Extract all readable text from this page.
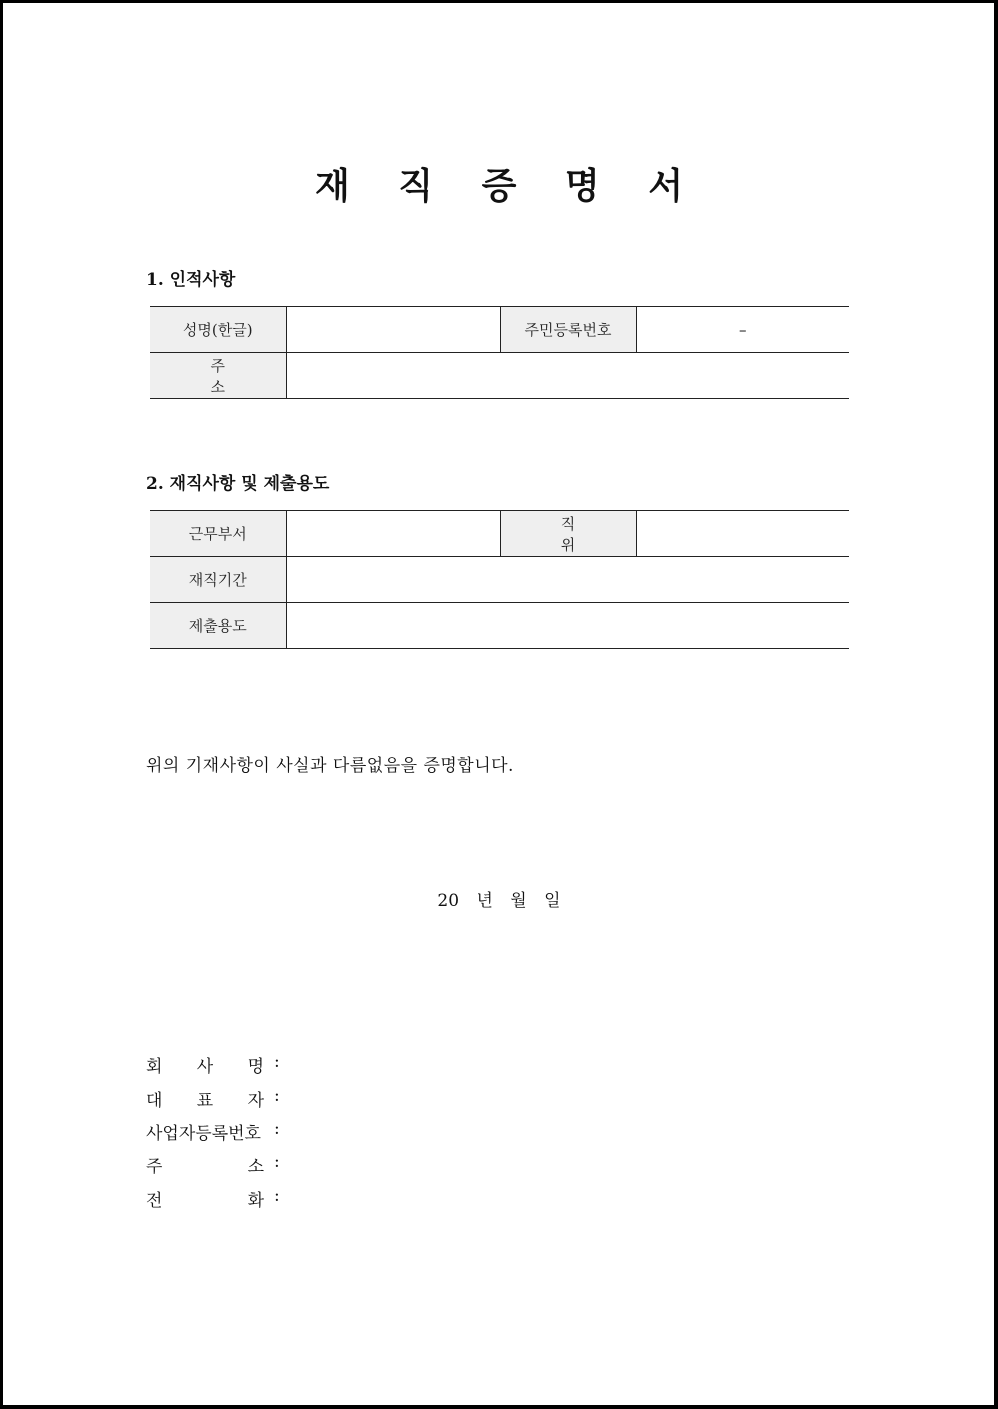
재 직 증 명 서
1. 인적사항
성명(한글)		주민등록번호	–
주 소			
2. 재직사항 및 제출용도
근무부서		직 위	
재직기간			
제출용도			
위의 기재사항이 사실과 다름없음을 증명합니다.
20 년 월 일
회 사 명 :
대 표 자 :
사업자등록번호 :
주	소 :
전	화 :
